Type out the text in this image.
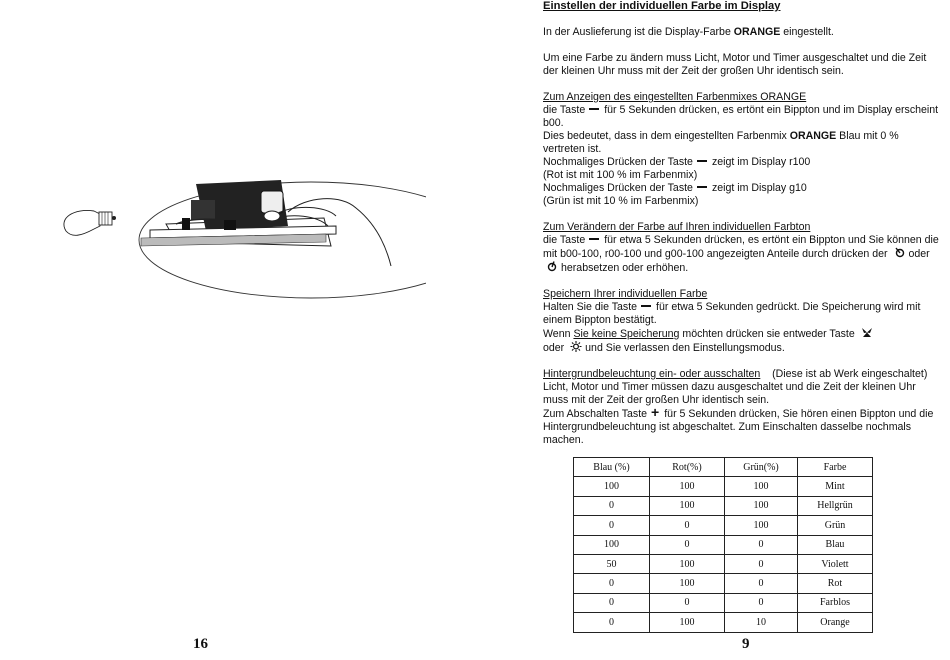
16

Einstellen der individuellen Farbe im Display

In der Auslieferung ist die Display-Farbe ORANGE eingestellt.

Um eine Farbe zu ändern muss Licht, Motor und Timer ausgeschaltet und die Zeit der kleinen Uhr muss mit der Zeit der großen Uhr identisch sein.

Zum Anzeigen des eingestellten Farbenmixes ORANGE

die Taste für 5 Sekunden drücken, es ertönt ein Bippton und im Display erscheint b00.

Dies bedeutet, dass in dem eingestellten Farbenmix ORANGE Blau mit 0 % vertreten ist.

Nochmaliges Drücken der Taste zeigt im Display r100

(Rot ist mit 100 % im Farbenmix)

Nochmaliges Drücken der Taste zeigt im Display g10

(Grün ist mit 10 % im Farbenmix)

Zum Verändern der Farbe auf Ihren individuellen Farbton

die Taste für etwa 5 Sekunden drücken, es ertönt ein Bippton und Sie können die mit b00-100, r00-100 und g00-100 angezeigten Anteile durch drücken der oder herabsetzen oder erhöhen.

Speichern Ihrer individuellen Farbe

Halten Sie die Taste für etwa 5 Sekunden gedrückt. Die Speicherung wird mit einem Bippton bestätigt.

Wenn Sie keine Speicherung möchten drücken sie entweder Taste

oder und Sie verlassen den Einstellungsmodus.

Hintergrundbeleuchtung ein- oder ausschalten (Diese ist ab Werk eingeschaltet)

Licht, Motor und Timer müssen dazu ausgeschaltet und die Zeit der kleinen Uhr muss mit der Zeit der großen Uhr identisch sein.

Zum Abschalten Taste + für 5 Sekunden drücken, Sie hören einen Bippton und die Hintergrundbeleuchtung ist abgeschaltet. Zum Einschalten dasselbe nochmals machen.

Blau (%)	Rot(%)	Grün(%)	Farbe
100	100	100	Mint
0	100	100	Hellgrün
0	0	100	Grün
100	0	0	Blau
50	100	0	Violett
0	100	0	Rot
0	0	0	Farblos
0	100	10	Orange
9
